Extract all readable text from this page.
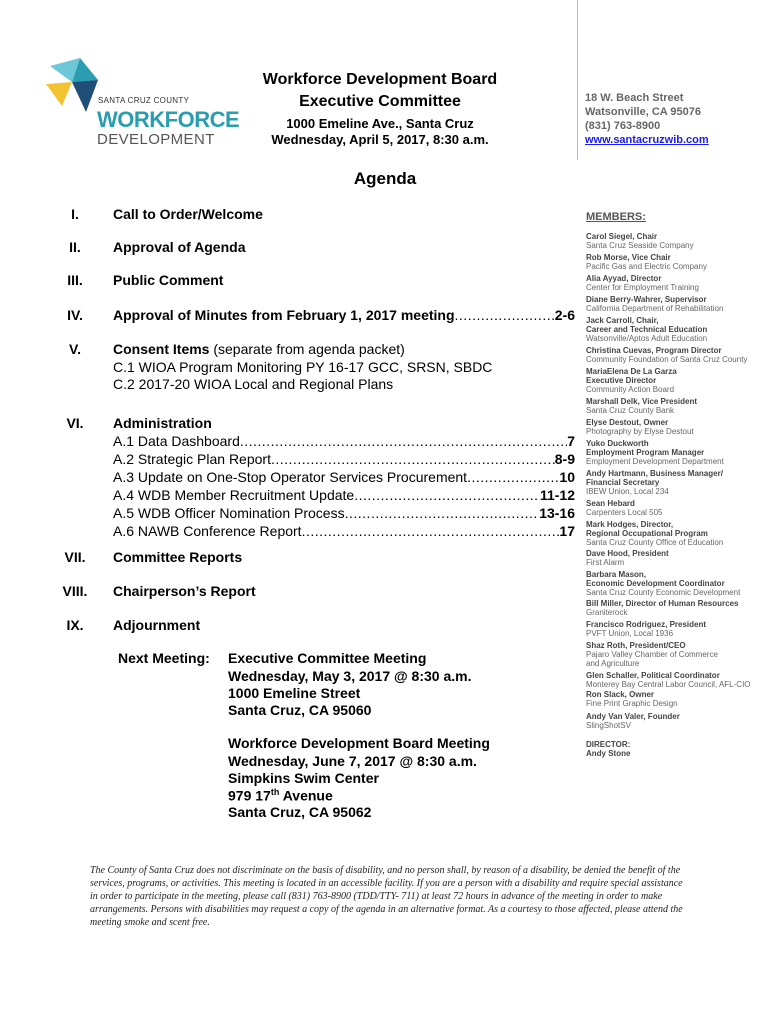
SANTA CRUZ COUNTY
WORKFORCE
DEVELOPMENT
Workforce Development Board
Executive Committee
1000 Emeline Ave., Santa Cruz
Wednesday, April 5, 2017, 8:30 a.m.
18 W. Beach Street
Watsonville, CA 95076
(831) 763-8900
www.santacruzwib.com
Agenda
I.	Call to Order/Welcome
II.	Approval of Agenda
III.	Public Comment
IV.	Approval of Minutes from February 1, 2017 meeting .....	2-6
V.	Consent Items (separate from agenda packet)
C.1 WIOA Program Monitoring PY 16-17 GCC, SRSN, SBDC
C.2 2017-20 WIOA Local and Regional Plans
VI.	Administration
A.1 Data Dashboard .....	7
A.2 Strategic Plan Report .....	8-9
A.3 Update on One-Stop Operator Services Procurement .....	10
A.4 WDB Member Recruitment Update .....	11-12
A.5 WDB Officer Nomination Process .....	13-16
A.6 NAWB Conference Report .....	17
VII.	Committee Reports
VIII.	Chairperson’s Report
IX.	Adjournment
Next Meeting: Executive Committee Meeting
Wednesday, May 3, 2017 @ 8:30 a.m.
1000 Emeline Street
Santa Cruz, CA 95060
Workforce Development Board Meeting
Wednesday, June 7, 2017 @ 8:30 a.m.
Simpkins Swim Center
979 17th Avenue
Santa Cruz, CA 95062
MEMBERS:
Carol Siegel, Chair
Santa Cruz Seaside Company
Rob Morse, Vice Chair
Pacific Gas and Electric Company
Alia Ayyad, Director
Center for Employment Training
Diane Berry-Wahrer, Supervisor
California Department of Rehabilitation
Jack Carroll, Chair,
Career and Technical Education
Watsonville/Aptos Adult Education
Christina Cuevas, Program Director
Community Foundation of Santa Cruz County
MariaElena De La Garza
Executive Director
Community Action Board
Marshall Delk, Vice President
Santa Cruz County Bank
Elyse Destout, Owner
Photography by Elyse Destout
Yuko Duckworth
Employment Program Manager
Employment Development Department
Andy Hartmann, Business Manager/
Financial Secretary
IBEW Union, Local 234
Sean Hebard
Carpenters Local 505
Mark Hodges, Director,
Regional Occupational Program
Santa Cruz County Office of Education
Dave Hood, President
First Alarm
Barbara Mason,
Economic Development Coordinator
Santa Cruz County Economic Development
Bill Miller, Director of Human Resources
Graniterock
Francisco Rodriguez, President
PVFT Union, Local 1936
Shaz Roth, President/CEO
Pajaro Valley Chamber of Commerce
and Agriculture
Glen Schaller, Political Coordinator
Monterey Bay Central Labor Council, AFL-CIO
Ron Slack, Owner
Fine Print Graphic Design
Andy Van Valer, Founder
SlingShotSV
DIRECTOR:
Andy Stone
The County of Santa Cruz does not discriminate on the basis of disability, and no person shall, by reason of a disability, be denied the benefit of the services, programs, or activities. This meeting is located in an accessible facility. If you are a person with a disability and require special assistance in order to participate in the meeting, please call (831) 763-8900 (TDD/TTY- 711) at least 72 hours in advance of the meeting in order to make arrangements. Persons with disabilities may request a copy of the agenda in an alternative format. As a courtesy to those affected, please attend the meeting smoke and scent free.
